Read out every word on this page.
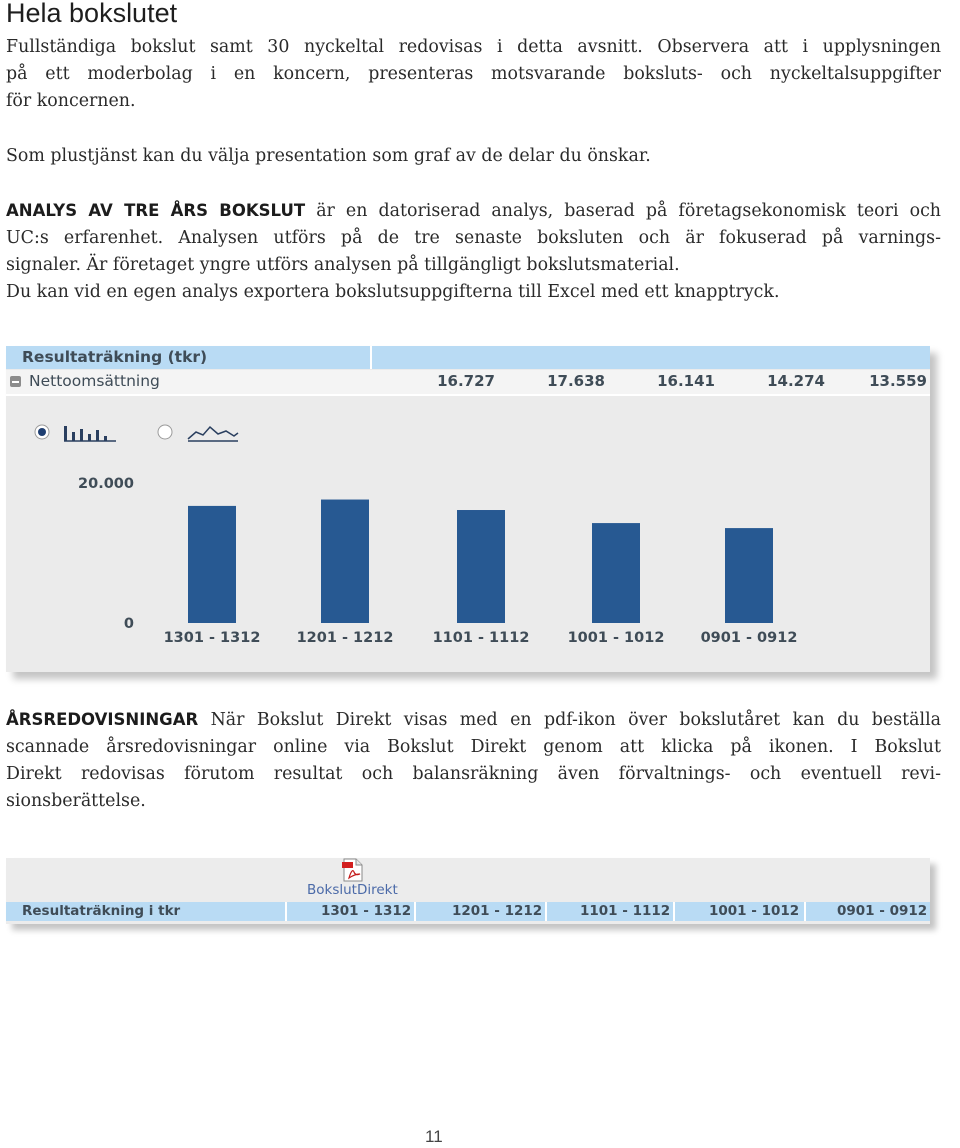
Hela bokslutet
Fullständiga bokslut samt 30 nyckeltal redovisas i detta avsnitt. Observera att i upplysningen
på ett moderbolag i en koncern, presenteras motsvarande boksluts- och nyckeltalsuppgifter
för koncernen.
Som plustjänst kan du välja presentation som graf av de delar du önskar.
ANALYS AV TRE ÅRS BOKSLUT är en datoriserad analys, baserad på företagsekonomisk teori och
UC:s erfarenhet. Analysen utförs på de tre senaste boksluten och är fokuserad på varnings-
signaler. Är företaget yngre utförs analysen på tillgängligt bokslutsmaterial.
Du kan vid en egen analys exportera bokslutsuppgifterna till Excel med ett knapptryck.
Resultaträkning (tkr)
Nettoomsättning	16.727	17.638	16.141	14.274	13.559
0
20.000
1301 - 1312 1201 - 1212	1101 - 1112	1001 - 1012 0901 - 0912
ÅRSREDOVISNINGAR När Bokslut Direkt visas med en pdf-ikon över bokslutåret kan du beställa
scannade årsredovisningar online via Bokslut Direkt genom att klicka på ikonen. I Bokslut
Direkt redovisas förutom resultat och balansräkning även förvaltnings- och eventuell revi-
sionsberättelse.
BokslutDirekt
Resultaträkning i tkr	1301 - 1312	1201 - 1212	1101 - 1112	1001 - 1012	0901 - 0912
11
